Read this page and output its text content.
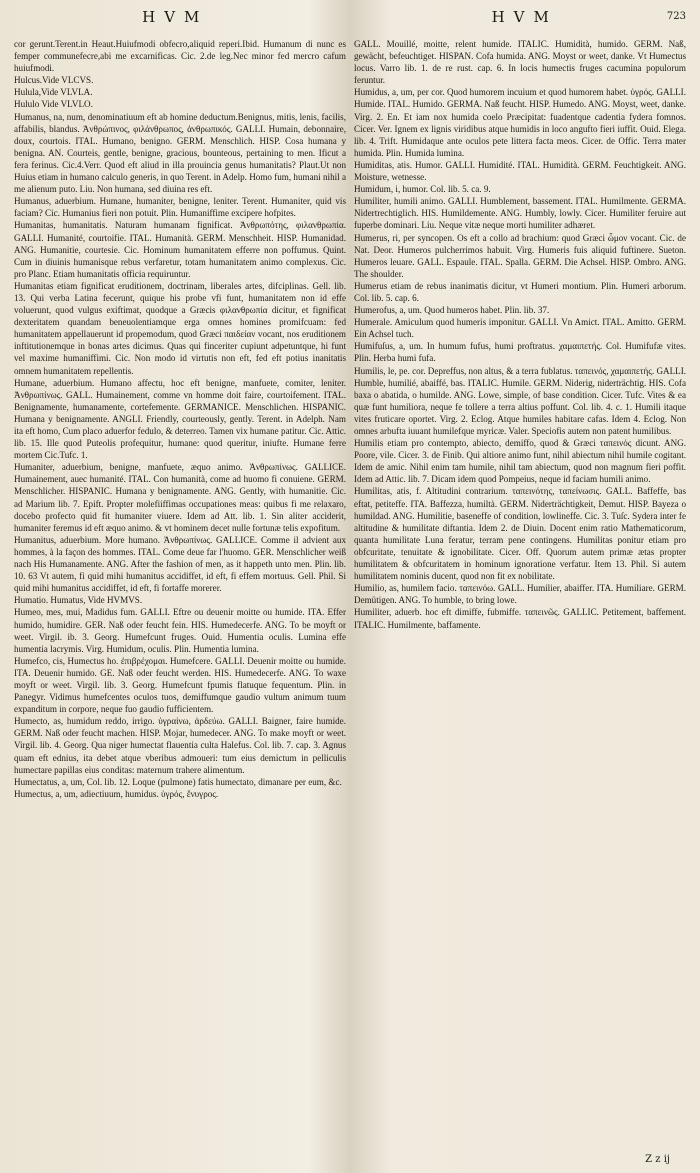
HVM	HVM	723

cor gerunt.Terent.in Heaut.Huiufmodi obfecro,aliquid reperi.Ibid. Humanum di nunc es femper communefecre,abi me excarnificas. Cic. 2.de leg.Nec minor fed mercro cafum huiufmodi.

Hulcus.Vide VLCVS.

Hulula,Vide VLVLA.

Hululo Vide VLVLO.

Humanus, na, num, denominatiuum eft ab homine deductum.Benignus, mitis, lenis, facilis, affabilis, blandus. Ἀνθρώπινος, φιλάνθρωπος, ἀνθρωπικός. GALLI. Humain, debonnaire, doux, courtois. ITAL. Humano, benigno. GERM. Menschlich. HISP. Cosa humana y benigna. AN. Courteis, gentle, benigne, gracious, bounteous, pertaining to men. Ificut a fera ferinus. Cic.4.Verr. Quod eft aliud in illa prouincia genus humanitatis? Plaut.Ut non Huius etiam in humano calculo generis, in quo Terent. in Adelp. Homo fum, humani nihil a me alienum puto. Liu. Non humana, sed diuina res eft.

Humanus, aduerbium. Humane, humaniter, benigne, leniter. Terent. Humaniter, quid vis faciam? Cic. Humanius fieri non potuit. Plin. Humaniffime excipere hofpites.

Humanitas, humanitatis. Naturam humanam fignificat. Ἀνθρωπότης, φιλανθρωπία. GALLI. Humanité, courtoifie. ITAL. Humanità. GERM. Menschheit. HISP. Humanidad. ANG. Humanitie, courtesie. Cic. Hominum humanitatem efferre non poffumus. Quint. Cum in diuinis humanisque rebus verfaretur, totam humanitatem animo complexus. Cic. pro Planc. Etiam humanitatis officia requiruntur.

Humanitas etiam fignificat eruditionem, doctrinam, liberales artes, difciplinas. Gell. lib. 13. Qui verba Latina fecerunt, quique his probe vfi funt, humanitatem non id effe voluerunt, quod vulgus exiftimat, quodque a Græcis φιλανθρωπία dicitur, et fignificat dexteritatem quandam beneuolentiamque erga omnes homines promifcuam: fed humanitatem appellauerunt id propemodum, quod Græci παιδείαν vocant, nos eruditionem inftitutionemque in bonas artes dicimus. Quas qui finceriter cupiunt adpetuntque, hi funt vel maxime humaniffimi. Cic. Non modo id virtutis non eft, fed eft potius inanitatis omnem humanitatem repellentis.

Humane, aduerbium. Humano affectu, hoc eft benigne, manfuete, comiter, leniter. Ἀνθρωπίνως. GALL. Humainement, comme vn homme doit faire, courtoifement. ITAL. Benignamente, humanamente, cortefemente. GERMANICE. Menschlichen. HISPANIC. Humana y benignamente. ANGLI. Friendly, courteously, gently. Terent. in Adelph. Nam ita eft homo, Cum placo aduerfor fedulo, & deterreo. Tamen vix humane patitur. Cic. Attic. lib. 15. Ille quod Puteolis profequitur, humane: quod queritur, iniufte. Humane ferre mortem Cic.Tufc. 1.

Humaniter, aduerbium, benigne, manfuete, æquo animo. Ἀνθρωπίνως. GALLICE. Humainement, auec humanité. ITAL. Con humanità, come ad huomo fi conuiene. GERM. Menschlicher. HISPANIC. Humana y benignamente. ANG. Gently, with humanitie. Cic. ad Marium lib. 7. Epift. Propter molefiiffimas occupationes meas: quibus fi me relaxaro, docebo profecto quid fit humaniter viuere. Idem ad Att. lib. 1. Sin aliter acciderit, humaniter feremus id eft æquo animo. & vt hominem decet nulle fortunæ telis expofitum.

Humanitus, aduerbium. More humano. Ἀνθρωπίνως. GALLICE. Comme il advient aux hommes, à la façon des hommes. ITAL. Come deue far l'huomo. GER. Menschlicher weiß nach His Humanamente. ANG. After the fashion of men, as it happeth unto men. Plin. lib. 10. 63 Vt autem, fi quid mihi humanitus accidiffet, id eft, fi effem mortuus. Gell. Phil. Si quid mihi humanitus accidiffet, id eft, fi fortaffe morerer.

Humatio. Humatus, Vide HVMVS.

Humeo, mes, mui, Madidus fum. GALLI. Eftre ou deuenir moitte ou humide. ITA. Effer humido, humidire. GER. Naß oder feucht fein. HIS. Humedecerfe. ANG. To be moyft or weet. Virgil. ib. 3. Georg. Humefcunt fruges. Ouid. Humentia oculis. Lumina effe humentia lacrymis. Virg. Humidum, oculis. Plin. Humentia lumina.

Humefco, cis, Humectus ho. ἐπιβρέχομαι. Humefcere. GALLI. Deuenir moitte ou humide. ITA. Deuenir humido. GE. Naß oder feucht werden. HIS. Humedecerfe. ANG. To waxe moyft or weet. Virgil. lib. 3. Georg. Humefcunt fpumis flatuque fequentum. Plin. in Panegyr. Vidimus humefcentes oculos tuos, demiffumque gaudio vultum animum tuum expanditum in corpore, neque fuo gaudio fufficientem.

Humecto, as, humidum reddo, irrigo. ὑγραίνω, ἀρδεύω. GALLI. Baigner, faire humide. GERM. Naß oder feucht machen. HISP. Mojar, humedecer. ANG. To make moyft or weet. Virgil. lib. 4. Georg. Qua niger humectat flauentia culta Halefus. Col. lib. 7. cap. 3. Agnus quam eft ednius, ita debet atque vberibus admoueri: tum eius demictum in pelliculis humectare papillas eius conditas: maternum trahere alimentum.

Humectatus, a, um, Col. lib. 12. Loque (pulmone) fatis humectato, dimanare per eum, &c.

Humectus, a, um, adiectiuum, humidus. ὑγρός, ἔνυγρος.

GALL. Mouillé, moitte, relent humide. ITALIC. Humidità, humido. GERM. Naß, gewächt, befeuchtiget. HISPAN. Cofa humida. ANG. Moyst or weet, danke. Vt Humectus locus. Varro lib. 1. de re rust. cap. 6. In locis humectis fruges cacumina populorum feruntur.

Humidus, a, um, per cor. Quod humorem incuium et quod humorem habet. ὑγρός. GALLI. Humide. ITAL. Humido. GERMA. Naß feucht. HISP. Humedo. ANG. Moyst, weet, danke. Virg. 2. En. Et iam nox humida coelo Præcipitat: fuadentque cadentia fydera fomnos. Cicer. Ver. Ignem ex lignis viridibus atque humidis in loco angufto fieri iuffit. Ouid. Elega. lib. 4. Trift. Humidaque ante oculos pete littera facta meos. Cicer. de Offic. Terra mater humida. Plin. Humida lumina.

Humiditas, atis. Humor. GALLI. Humidité. ITAL. Humidità. GERM. Feuchtigkeit. ANG. Moisture, wetnesse.

Humidum, i, humor. Col. lib. 5. ca. 9.

Humiliter, humili animo. GALLI. Humblement, bassement. ITAL. Humilmente. GERMA. Nidertrechtiglich. HIS. Humildemente. ANG. Humbly, lowly. Cicer. Humiliter feruire aut fuperbe dominari. Liu. Neque vitæ neque morti humiliter adhæret.

Humerus, ri, per syncopen. Os eft a collo ad brachium: quod Græci ὦμον vocant. Cic. de Nat. Deor. Humeros pulcherrimos habuit. Virg. Humeris fuis aliquid fuftinere. Sueton. Humeros leuare. GALL. Espaule. ITAL. Spalla. GERM. Die Achsel. HISP. Ombro. ANG. The shoulder.

Humerus etiam de rebus inanimatis dicitur, vt Humeri montium. Plin. Humeri arborum. Col. lib. 5. cap. 6.

Humerofus, a, um. Quod humeros habet. Plin. lib. 37.

Humerale. Amiculum quod humeris imponitur. GALLI. Vn Amict. ITAL. Amitto. GERM. Ein Achsel tuch.

Humifuſus, a, um. In humum fufus, humi proftratus. χαμαιπετής. Col. Humifufæ vites. Plin. Herba humi fufa.

Humilis, le, pe. cor. Depreffus, non altus, & a terra fublatus. ταπεινός, χαμαιπετής. GALLI. Humble, humilié, abaiffé, bas. ITALIC. Humile. GERM. Niderig, niderträchtig. HIS. Cofa baxa o abatida, o humilde. ANG. Lowe, simple, of base condition. Cicer. Tufc. Vites & ea quæ funt humiliora, neque fe tollere a terra altius poffunt. Col. lib. 4. c. 1. Humili itaque vites fruticare oportet. Virg. 2. Eclog. Atque humiles habitare cafas. Idem 4. Eclog. Non omnes arbufta iuuant humilefque myricæ. Valer. Speciofis autem non patent humilibus.

Humilis etiam pro contempto, abiecto, demiffo, quod & Græci ταπεινός dicunt. ANG. Poore, vile. Cicer. 3. de Finib. Qui altiore animo funt, nihil abiectum nihil humile cogitant. Idem de amic. Nihil enim tam humile, nihil tam abiectum, quod non magnum fieri poffit. Idem ad Attic. lib. 7. Dicam idem quod Pompeius, neque id faciam humili animo.

Humilitas, atis, f. Altitudini contrarium. ταπεινότης, ταπείνωσις. GALL. Baffeffe, bas eftat, petiteffe. ITA. Baffezza, humiltà. GERM. Niderträchtigkeit, Demut. HISP. Bayeza o humildad. ANG. Humilitie, baseneffe of condition, lowlineffe. Cic. 3. Tuſc. Sydera inter fe altitudine & humilitate diftantia. Idem 2. de Diuin. Docent enim ratio Mathematicorum, quanta humilitate Luna feratur, terram pene contingens. Humilitas ponitur etiam pro obfcuritate, tenuitate & ignobilitate. Cicer. Off. Quorum autem primæ ætas propter humilitatem & obfcuritatem in hominum ignoratione verfatur. Item 13. Phil. Si autem humilitatem nominis ducent, quod non fit ex nobilitate.

Humilio, as, humilem facio. ταπεινόω. GALL. Humilier, abaiffer. ITA. Humiliare. GERM. Demütigen. ANG. To humble, to bring lowe.

Humiliter, aduerb. hoc eft dimiffe, fubmiffe. ταπεινῶς. GALLIC. Petitement, baffement. ITALIC. Humilmente, baffamente.

Z z ij
